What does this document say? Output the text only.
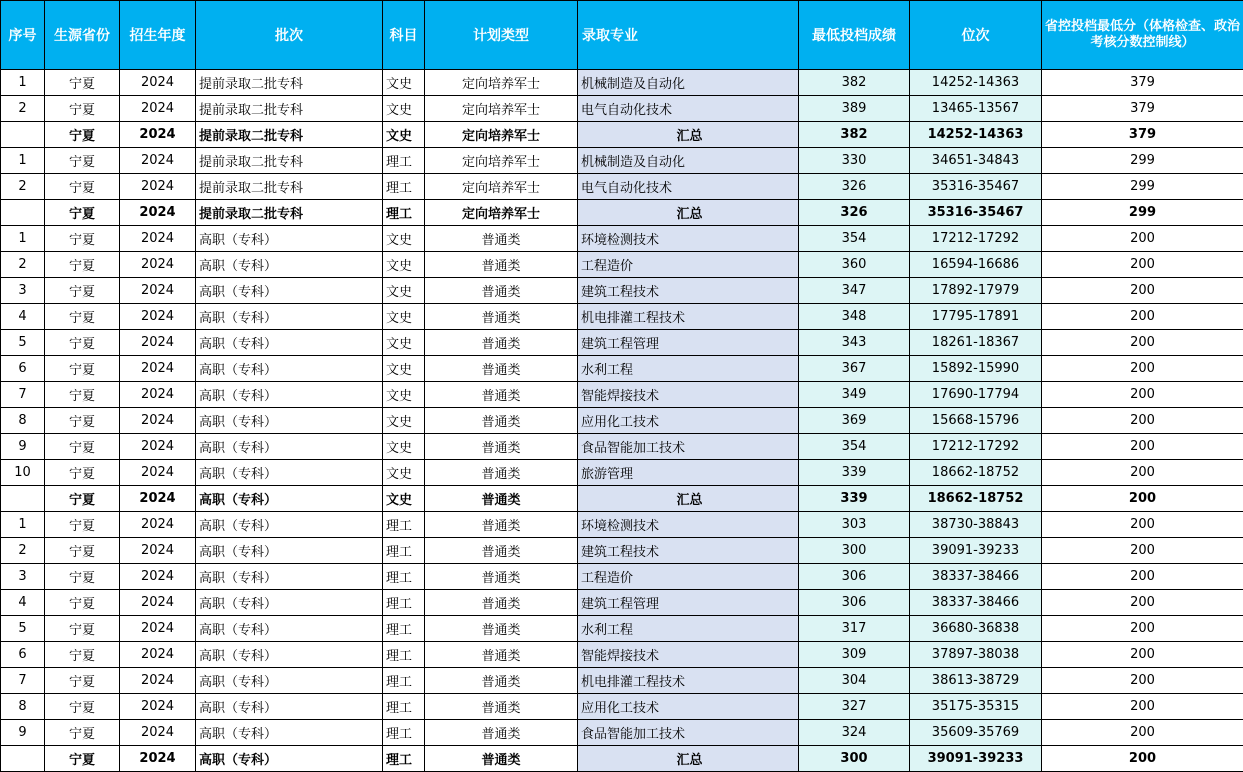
序号	生源省份	招生年度	批次	科目	计划类型	录取专业	最低投档成绩	位次	省控投档最低分（体格检查、政治考核分数控制线）
1	宁夏	2024	提前录取二批专科	文史	定向培养军士	机械制造及自动化	382	14252-14363	379
2	宁夏	2024	提前录取二批专科	文史	定向培养军士	电气自动化技术	389	13465-13567	379
	宁夏	2024	提前录取二批专科	文史	定向培养军士	汇总	382	14252-14363	379
1	宁夏	2024	提前录取二批专科	理工	定向培养军士	机械制造及自动化	330	34651-34843	299
2	宁夏	2024	提前录取二批专科	理工	定向培养军士	电气自动化技术	326	35316-35467	299
	宁夏	2024	提前录取二批专科	理工	定向培养军士	汇总	326	35316-35467	299
1	宁夏	2024	高职（专科）	文史	普通类	环境检测技术	354	17212-17292	200
2	宁夏	2024	高职（专科）	文史	普通类	工程造价	360	16594-16686	200
3	宁夏	2024	高职（专科）	文史	普通类	建筑工程技术	347	17892-17979	200
4	宁夏	2024	高职（专科）	文史	普通类	机电排灌工程技术	348	17795-17891	200
5	宁夏	2024	高职（专科）	文史	普通类	建筑工程管理	343	18261-18367	200
6	宁夏	2024	高职（专科）	文史	普通类	水利工程	367	15892-15990	200
7	宁夏	2024	高职（专科）	文史	普通类	智能焊接技术	349	17690-17794	200
8	宁夏	2024	高职（专科）	文史	普通类	应用化工技术	369	15668-15796	200
9	宁夏	2024	高职（专科）	文史	普通类	食品智能加工技术	354	17212-17292	200
10	宁夏	2024	高职（专科）	文史	普通类	旅游管理	339	18662-18752	200
	宁夏	2024	高职（专科）	文史	普通类	汇总	339	18662-18752	200
1	宁夏	2024	高职（专科）	理工	普通类	环境检测技术	303	38730-38843	200
2	宁夏	2024	高职（专科）	理工	普通类	建筑工程技术	300	39091-39233	200
3	宁夏	2024	高职（专科）	理工	普通类	工程造价	306	38337-38466	200
4	宁夏	2024	高职（专科）	理工	普通类	建筑工程管理	306	38337-38466	200
5	宁夏	2024	高职（专科）	理工	普通类	水利工程	317	36680-36838	200
6	宁夏	2024	高职（专科）	理工	普通类	智能焊接技术	309	37897-38038	200
7	宁夏	2024	高职（专科）	理工	普通类	机电排灌工程技术	304	38613-38729	200
8	宁夏	2024	高职（专科）	理工	普通类	应用化工技术	327	35175-35315	200
9	宁夏	2024	高职（专科）	理工	普通类	食品智能加工技术	324	35609-35769	200
	宁夏	2024	高职（专科）	理工	普通类	汇总	300	39091-39233	200
